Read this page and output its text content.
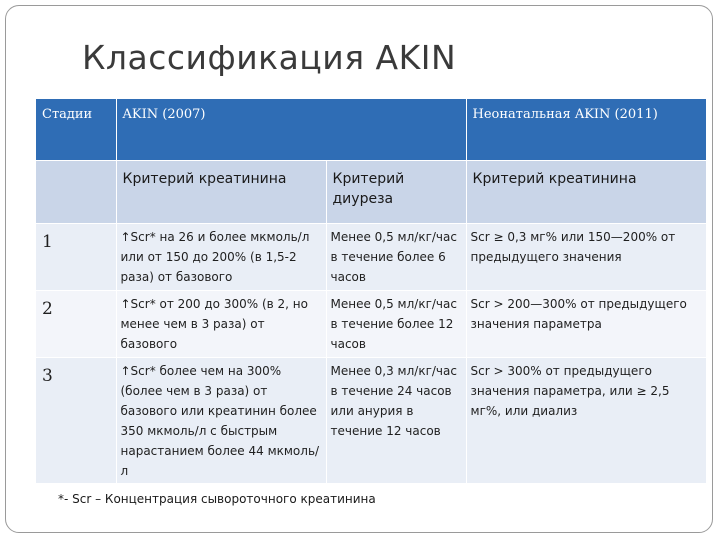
Классификация AKIN
Стадии	AKIN (2007)		Неонатальная AKIN (2011)

	Критерий креатинина	Критерий диуреза	Критерий креатинина

1	↑Scr* на 26 и более мкмоль/л или от 150 до 200% (в 1,5-2 раза) от базового	Менее 0,5 мл/кг/час в течение более 6 часов	Scr ≥ 0,3 мг% или 150—200% от предыдущего значения

2	↑Scr* от 200 до 300% (в 2, но менее чем в 3 раза) от базового	Менее 0,5 мл/кг/час в течение более 12 часов	Scr > 200—300% от предыдущего значения параметра

3	↑Scr* более чем на 300% (более чем в 3 раза) от базового или креатинин более 350 мкмоль/л с быстрым нарастанием более 44 мкмоль/л	Менее 0,3 мл/кг/час в течение 24 часов или анурия в течение 12 часов	Scr > 300% от предыдущего значения параметра, или ≥ 2,5 мг%, или диализ
*- Scr – Концентрация сывороточного креатинина
